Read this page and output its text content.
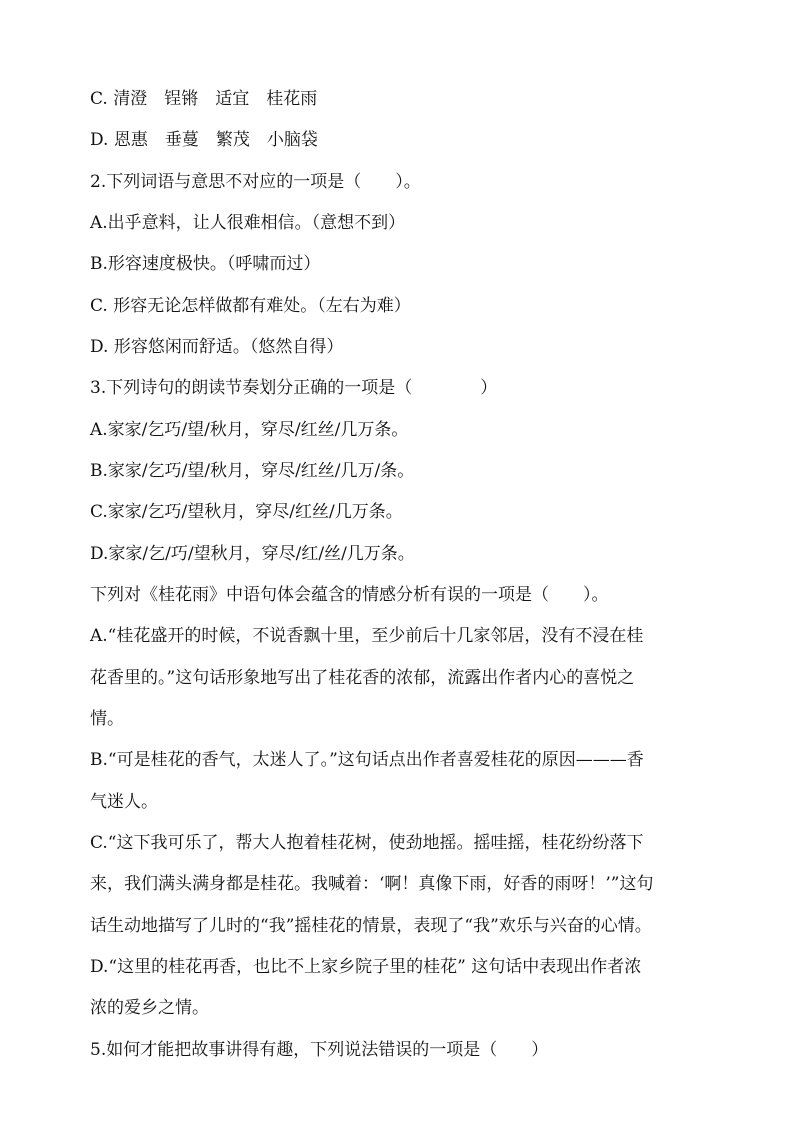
C. 清澄　锃锵　适宜　桂花雨
D. 恩惠　垂蔓　繁茂　小脑袋
2.下列词语与意思不对应的一项是（　　）。
A.出乎意料，让人很难相信。（意想不到）
B.形容速度极快。（呼啸而过）
C. 形容无论怎样做都有难处。（左右为难）
D. 形容悠闲而舒适。（悠然自得）
3.下列诗句的朗读节奏划分正确的一项是（　　　　）
A.家家/乞巧/望/秋月，穿尽/红丝/几万条。
B.家家/乞巧/望/秋月，穿尽/红丝/几万/条。
C.家家/乞巧/望秋月，穿尽/红丝/几万条。
D.家家/乞/巧/望秋月，穿尽/红/丝/几万条。
下列对《桂花雨》中语句体会蕴含的情感分析有误的一项是（　　）。
A.“桂花盛开的时候，不说香飘十里，至少前后十几家邻居，没有不浸在桂
花香里的。”这句话形象地写出了桂花香的浓郁，流露出作者内心的喜悦之
情。
B.“可是桂花的香气，太迷人了。”这句话点出作者喜爱桂花的原因———香
气迷人。
C.“这下我可乐了，帮大人抱着桂花树，使劲地摇。摇哇摇，桂花纷纷落下
来，我们满头满身都是桂花。我喊着：‘啊！真像下雨，好香的雨呀！’”这句
话生动地描写了儿时的“我”摇桂花的情景，表现了“我”欢乐与兴奋的心情。
D.“这里的桂花再香，也比不上家乡院子里的桂花” 这句话中表现出作者浓
浓的爱乡之情。
5.如何才能把故事讲得有趣，下列说法错误的一项是（　　）
